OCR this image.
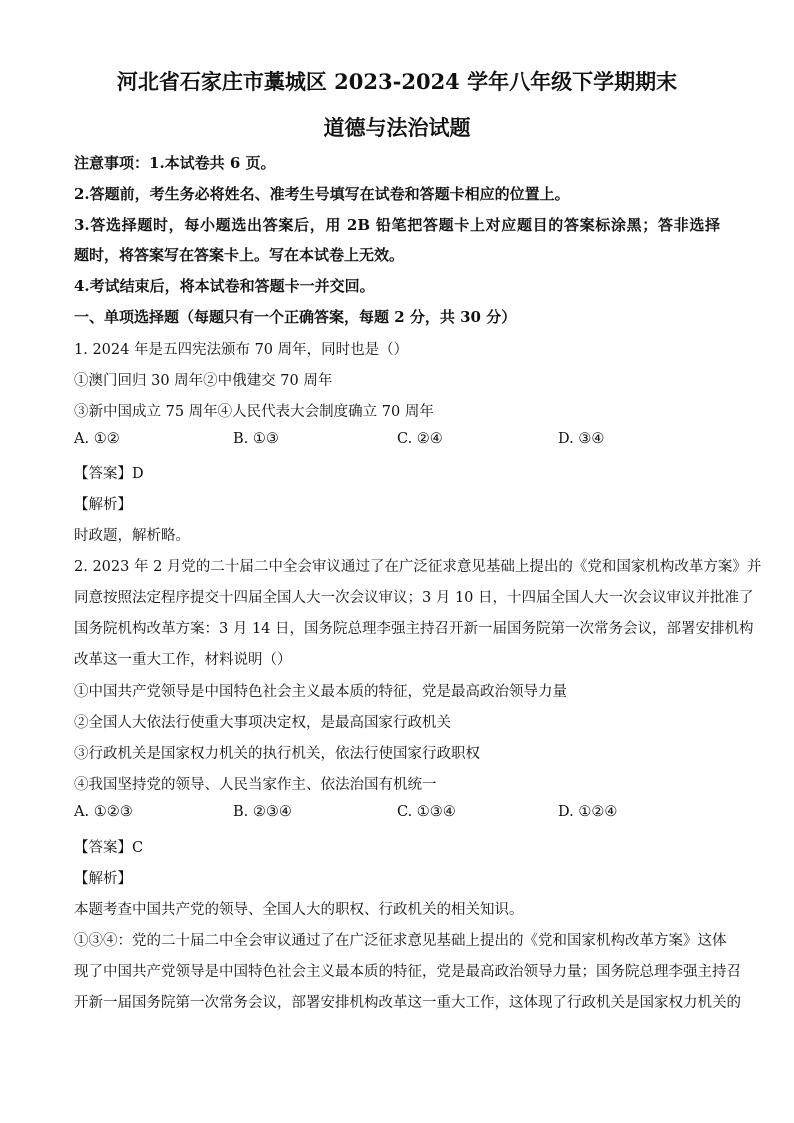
河北省石家庄市藁城区 2023-2024 学年八年级下学期期末
道德与法治试题
注意事项：1.本试卷共 6 页。
2.答题前，考生务必将姓名、准考生号填写在试卷和答题卡相应的位置上。
3.答选择题时，每小题选出答案后，用 2B 铅笔把答题卡上对应题目的答案标涂黑；答非选择
题时，将答案写在答案卡上。写在本试卷上无效。
4.考试结束后，将本试卷和答题卡一并交回。
一、单项选择题（每题只有一个正确答案，每题 2 分，共 30 分）
1. 2024 年是五四宪法颁布 70 周年，同时也是（）
①澳门回归 30 周年②中俄建交 70 周年
③新中国成立 75 周年④人民代表大会制度确立 70 周年
A. ①②	B. ①③	C. ②④	D. ③④
【答案】D
【解析】
时政题，解析略。
2. 2023 年 2 月党的二十届二中全会审议通过了在广泛征求意见基础上提出的《党和国家机构改革方案》并
同意按照法定程序提交十四届全国人大一次会议审议；3 月 10 日，十四届全国人大一次会议审议并批准了
国务院机构改革方案：3 月 14 日，国务院总理李强主持召开新一届国务院第一次常务会议，部署安排机构
改革这一重大工作，材料说明（）
①中国共产党领导是中国特色社会主义最本质的特征，党是最高政治领导力量
②全国人大依法行使重大事项决定权，是最高国家行政机关
③行政机关是国家权力机关的执行机关，依法行使国家行政职权
④我国坚持党的领导、人民当家作主、依法治国有机统一
A. ①②③	B. ②③④	C. ①③④	D. ①②④
【答案】C
【解析】
本题考查中国共产党的领导、全国人大的职权、行政机关的相关知识。
①③④：党的二十届二中全会审议通过了在广泛征求意见基础上提出的《党和国家机构改革方案》这体
现了中国共产党领导是中国特色社会主义最本质的特征，党是最高政治领导力量；国务院总理李强主持召
开新一届国务院第一次常务会议，部署安排机构改革这一重大工作，这体现了行政机关是国家权力机关的
